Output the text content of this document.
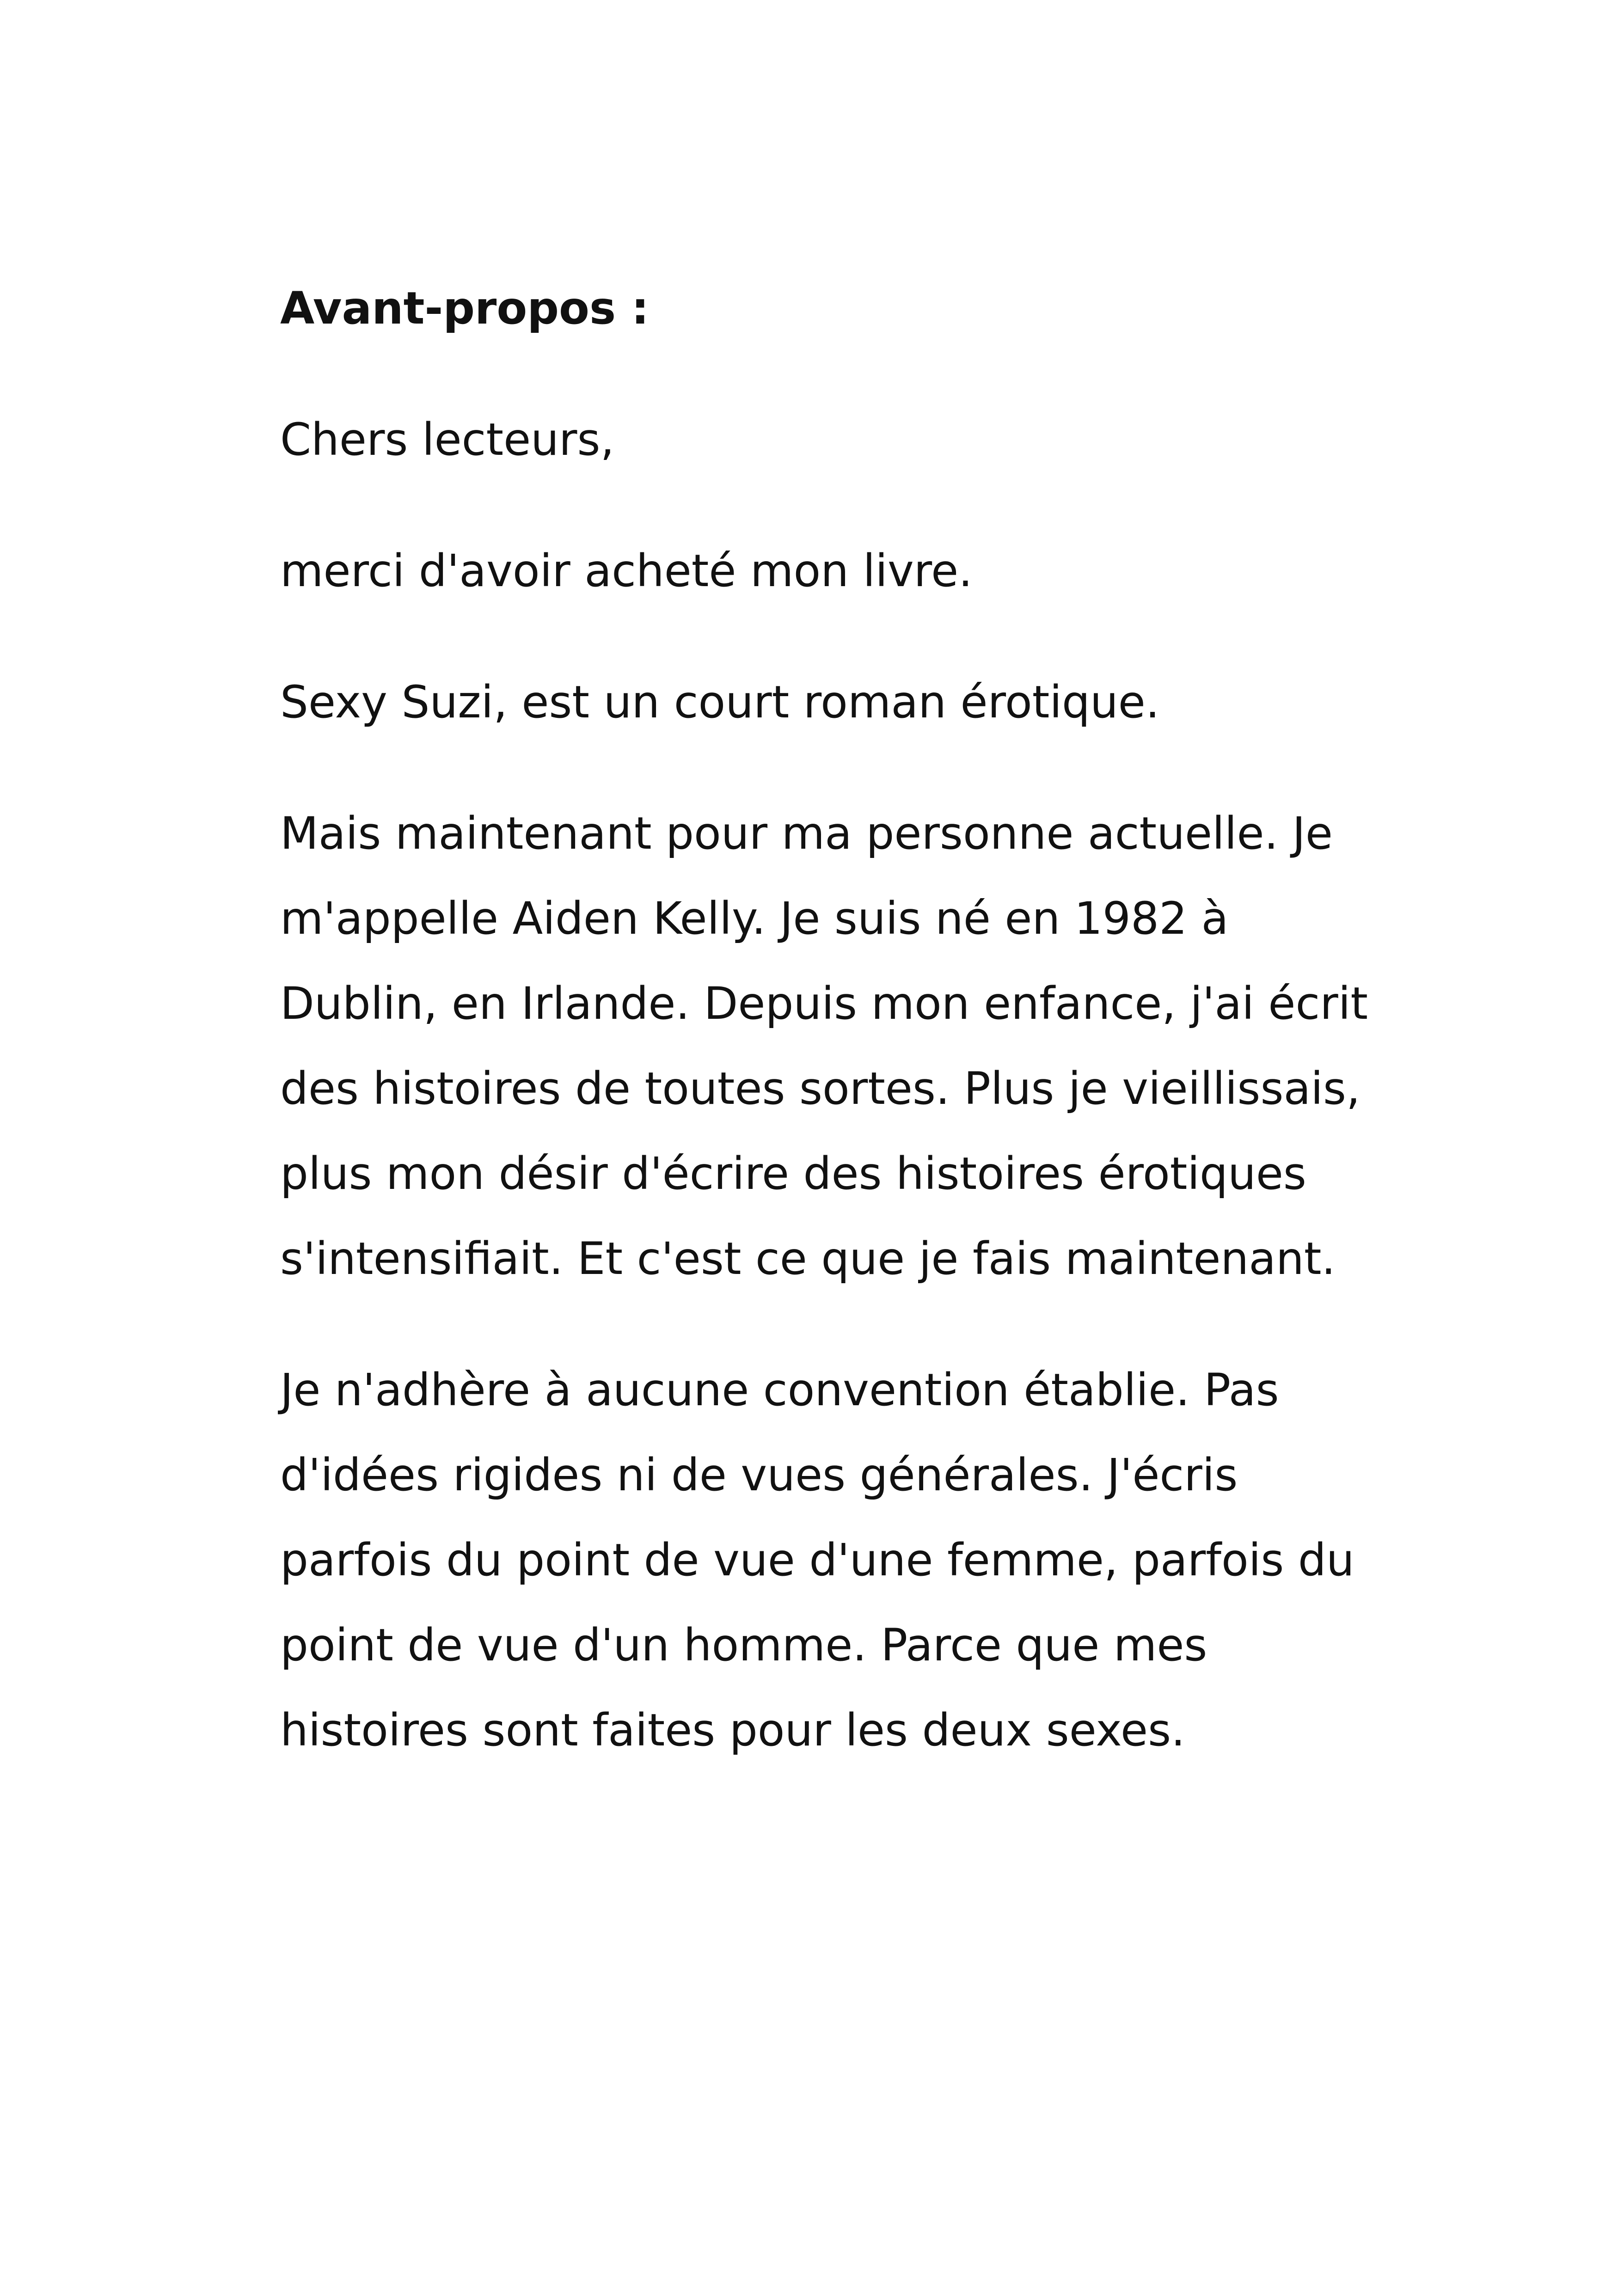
Avant-propos :

Chers lecteurs,

merci d'avoir acheté mon livre.

Sexy Suzi, est un court roman érotique.

Mais maintenant pour ma personne actuelle. Je m'appelle Aiden Kelly. Je suis né en 1982 à Dublin, en Irlande. Depuis mon enfance, j'ai écrit des histoires de toutes sortes. Plus je vieillissais, plus mon désir d'écrire des histoires érotiques s'intensifiait. Et c'est ce que je fais maintenant.

Je n'adhère à aucune convention établie. Pas d'idées rigides ni de vues générales. J'écris parfois du point de vue d'une femme, parfois du point de vue d'un homme. Parce que mes histoires sont faites pour les deux sexes.
